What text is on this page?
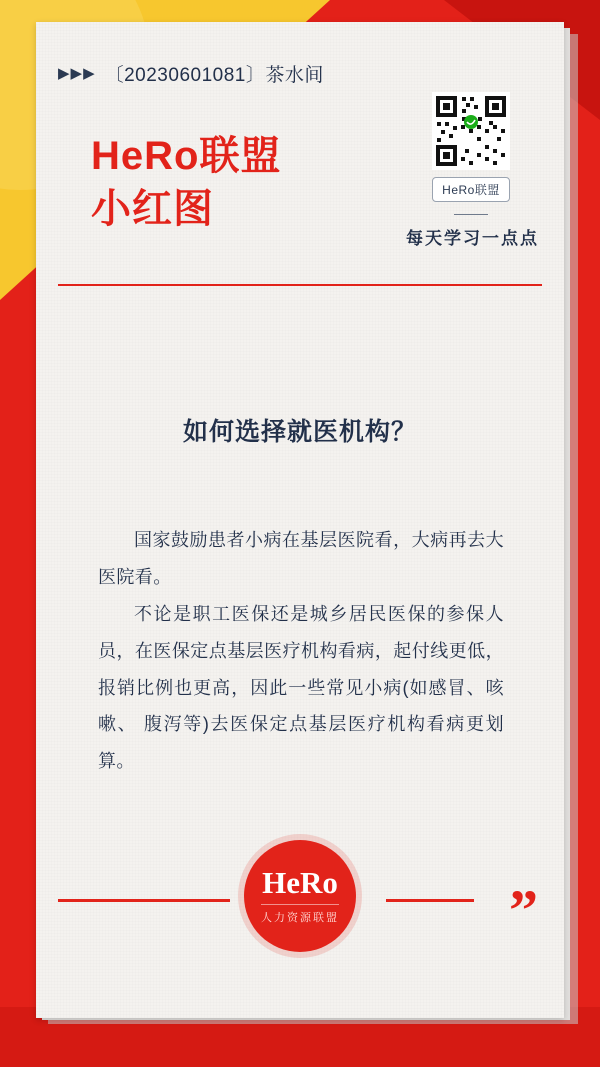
▶▶▶ 〔20230601081〕茶水间
HeRo联盟
小红图	HeRo联盟
每天学习一点点
如何选择就医机构？

国家鼓励患者小病在基层医院看，大病再去大医院看。

不论是职工医保还是城乡居民医保的参保人员，在医保定点基层医疗机构看病，起付线更低，报销比例也更高，因此一些常见小病(如感冒、咳嗽、 腹泻等)去医保定点基层医疗机构看病更划算。

”
HeRo
人力资源联盟
